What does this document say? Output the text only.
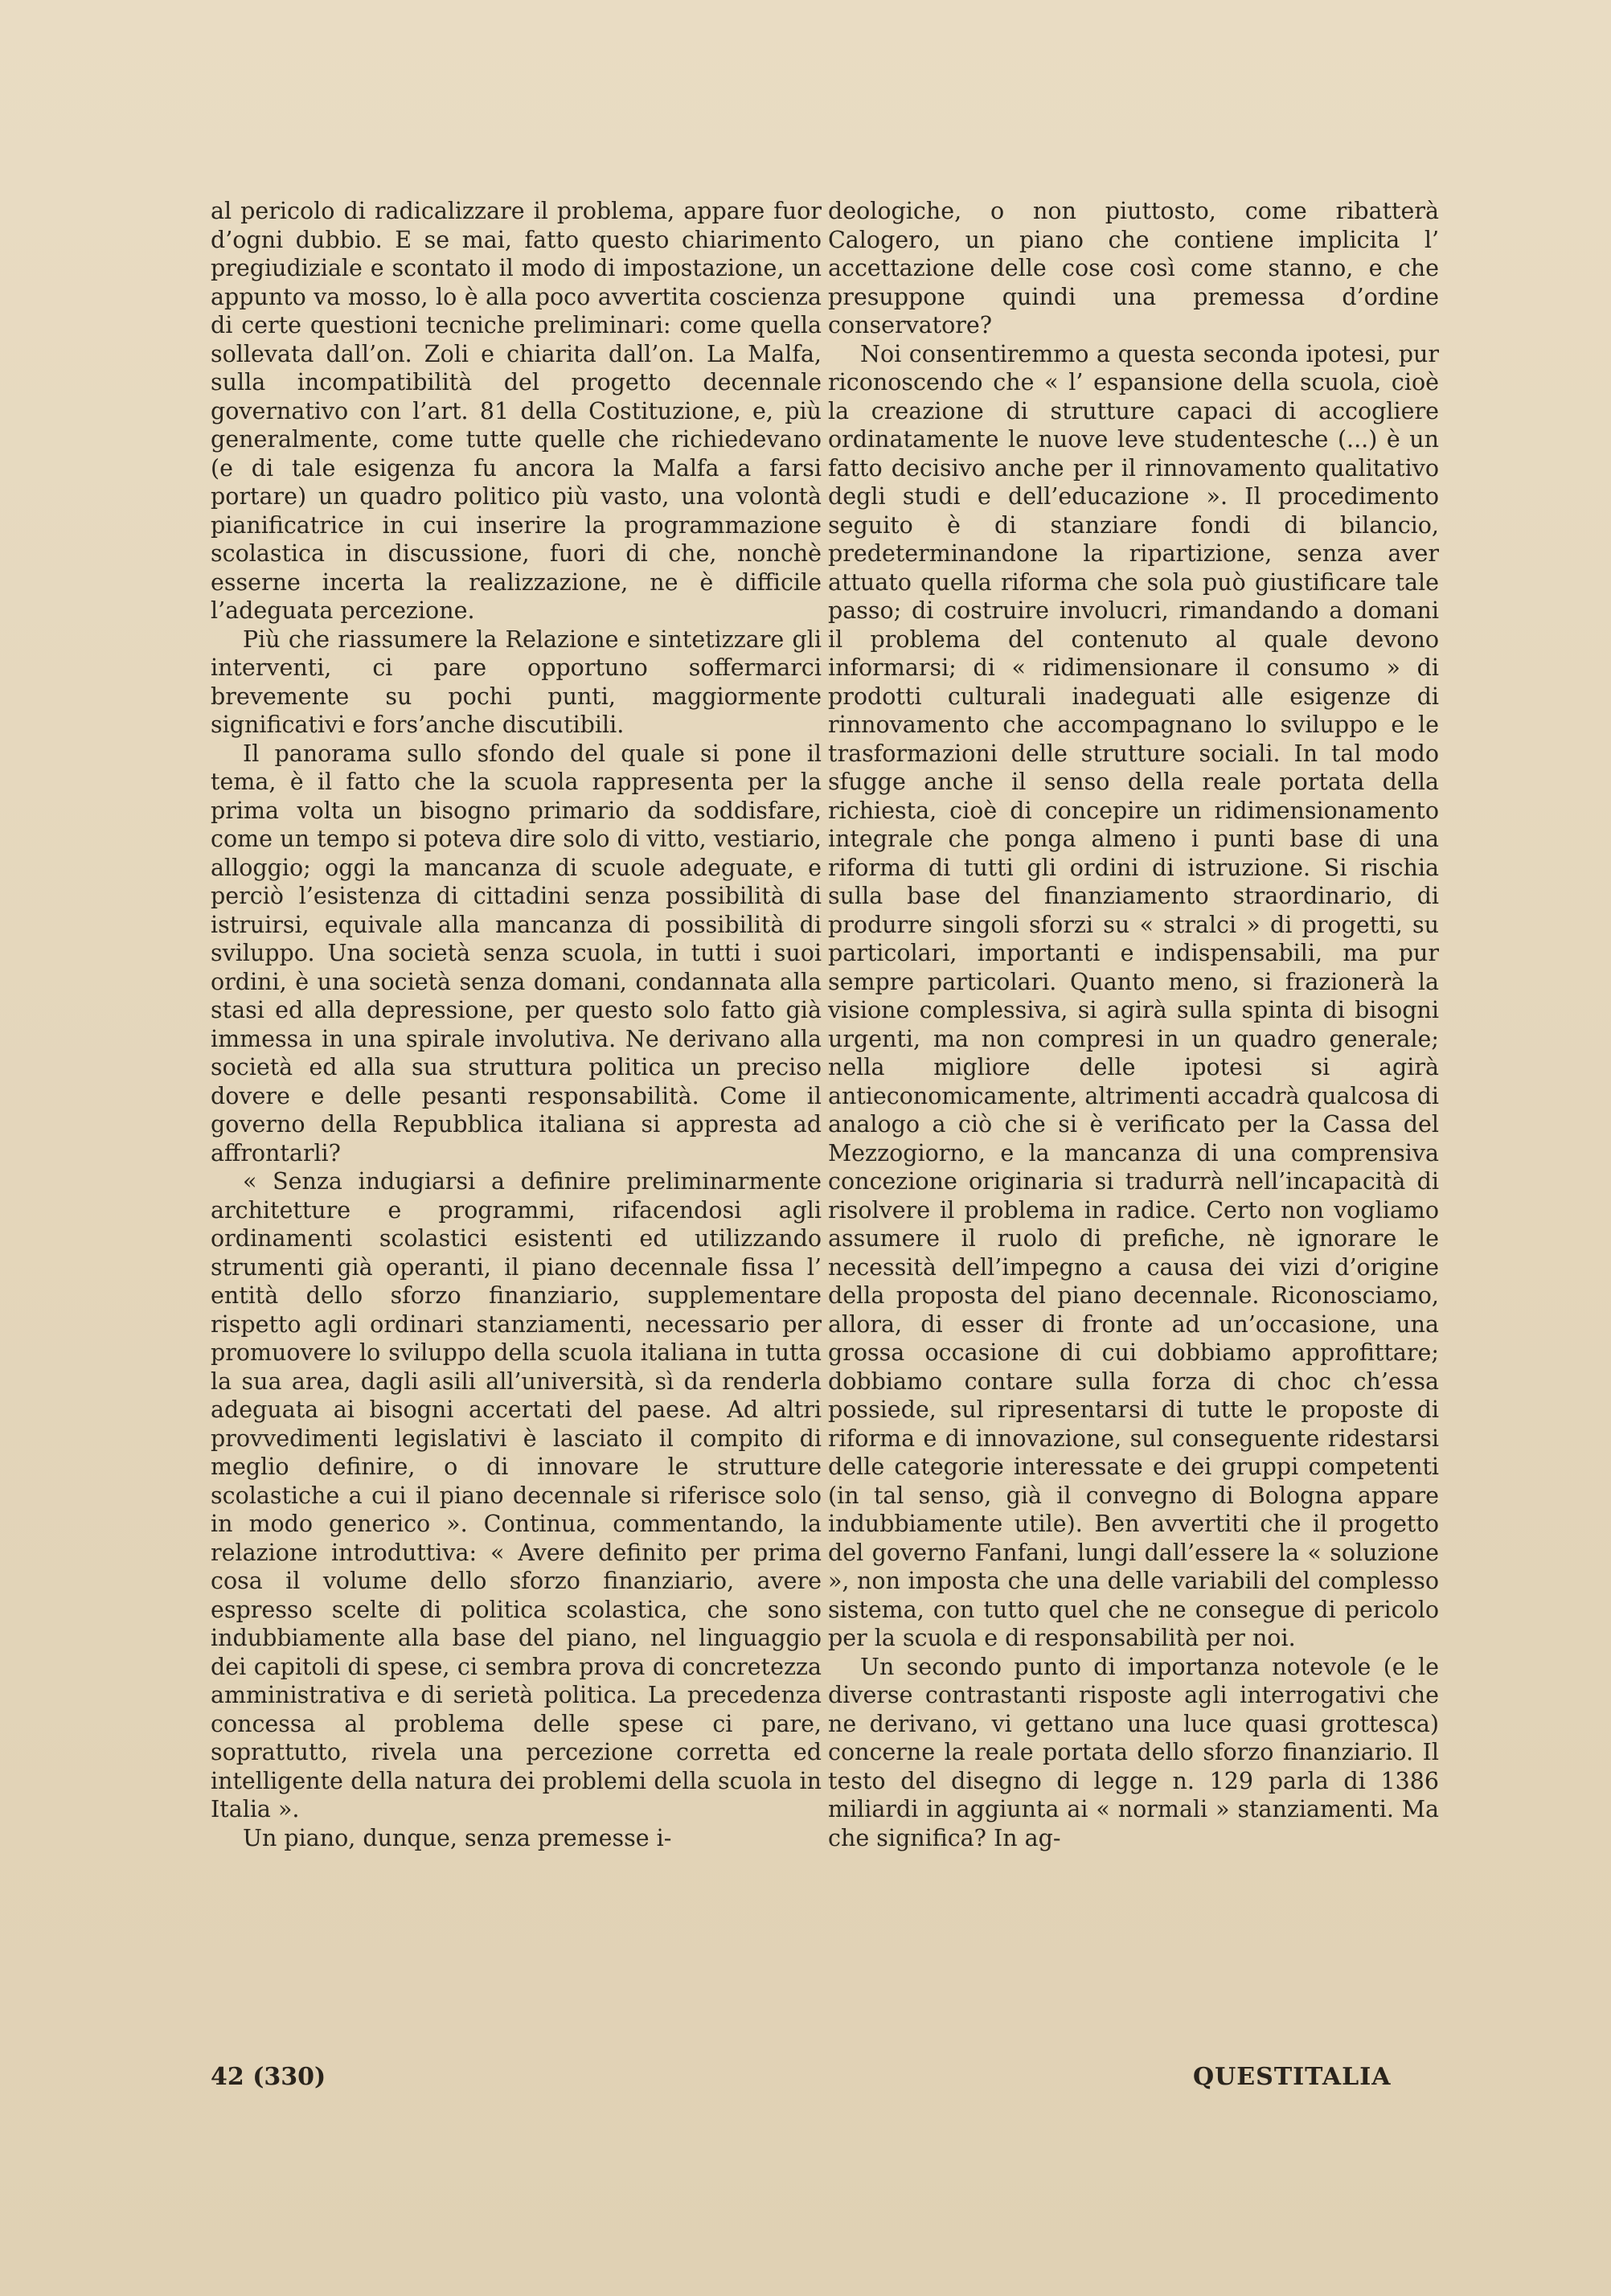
al pericolo di radicalizzare il problema, appare fuor d’ogni dubbio. E se mai, fatto questo chiarimento pregiudiziale e scontato il modo di impostazione, un appunto va mosso, lo è alla poco avvertita coscienza di certe questioni tecniche preliminari: come quella sollevata dall’on. Zoli e chiarita dall’on. La Malfa, sulla incompatibilità del progetto decennale governativo con l’art. 81 della Costituzione, e, più generalmente, come tutte quelle che richiedevano (e di tale esigenza fu ancora la Malfa a farsi portare) un quadro politico più vasto, una volontà pianificatrice in cui inserire la programmazione scolastica in discussione, fuori di che, nonchè esserne incerta la realizzazione, ne è difficile l’adeguata percezione.

Più che riassumere la Relazione e sintetizzare gli interventi, ci pare opportuno soffermarci brevemente su pochi punti, maggiormente significativi e fors’anche discutibili.

Il panorama sullo sfondo del quale si pone il tema, è il fatto che la scuola rappresenta per la prima volta un bisogno primario da soddisfare, come un tempo si poteva dire solo di vitto, vestiario, alloggio; oggi la mancanza di scuole adeguate, e perciò l’esistenza di cittadini senza possibilità di istruirsi, equivale alla mancanza di possibilità di sviluppo. Una società senza scuola, in tutti i suoi ordini, è una società senza domani, condannata alla stasi ed alla depressione, per questo solo fatto già immessa in una spirale involutiva. Ne derivano alla società ed alla sua struttura politica un preciso dovere e delle pesanti responsabilità. Come il governo della Repubblica italiana si appresta ad affrontarli?

« Senza indugiarsi a definire preliminarmente architetture e programmi, rifacendosi agli ordinamenti scolastici esistenti ed utilizzando strumenti già operanti, il piano decennale fissa l’ entità dello sforzo finanziario, supplementare rispetto agli ordinari stanziamenti, necessario per promuovere lo sviluppo della scuola italiana in tutta la sua area, dagli asili all’università, sì da renderla adeguata ai bisogni accertati del paese. Ad altri provvedimenti legislativi è lasciato il compito di meglio definire, o di innovare le strutture scolastiche a cui il piano decennale si riferisce solo in modo generico ». Continua, commentando, la relazione introduttiva: « Avere definito per prima cosa il volume dello sforzo finanziario, avere espresso scelte di politica scolastica, che sono indubbiamente alla base del piano, nel linguaggio dei capitoli di spese, ci sembra prova di concretezza amministrativa e di serietà politica. La precedenza concessa al problema delle spese ci pare, soprattutto, rivela una percezione corretta ed intelligente della natura dei problemi della scuola in Italia ».

Un piano, dunque, senza premesse i-

deologiche, o non piuttosto, come ribatterà Calogero, un piano che contiene implicita l’ accettazione delle cose così come stanno, e che presuppone quindi una premessa d’ordine conservatore?

Noi consentiremmo a questa seconda ipotesi, pur riconoscendo che « l’ espansione della scuola, cioè la creazione di strutture capaci di accogliere ordinatamente le nuove leve studentesche (...) è un fatto decisivo anche per il rinnovamento qualitativo degli studi e dell’educazione ». Il procedimento seguito è di stanziare fondi di bilancio, predeterminandone la ripartizione, senza aver attuato quella riforma che sola può giustificare tale passo; di costruire involucri, rimandando a domani il problema del contenuto al quale devono informarsi; di « ridimensionare il consumo » di prodotti culturali inadeguati alle esigenze di rinnovamento che accompagnano lo sviluppo e le trasformazioni delle strutture sociali. In tal modo sfugge anche il senso della reale portata della richiesta, cioè di concepire un ridimensionamento integrale che ponga almeno i punti base di una riforma di tutti gli ordini di istruzione. Si rischia sulla base del finanziamento straordinario, di produrre singoli sforzi su « stralci » di progetti, su particolari, importanti e indispensabili, ma pur sempre particolari. Quanto meno, si frazionerà la visione complessiva, si agirà sulla spinta di bisogni urgenti, ma non compresi in un quadro generale; nella migliore delle ipotesi si agirà antieconomicamente, altrimenti accadrà qualcosa di analogo a ciò che si è verificato per la Cassa del Mezzogiorno, e la mancanza di una comprensiva concezione originaria si tradurrà nell’incapacità di risolvere il problema in radice. Certo non vogliamo assumere il ruolo di prefiche, nè ignorare le necessità dell’impegno a causa dei vizi d’origine della proposta del piano decennale. Riconosciamo, allora, di esser di fronte ad un’occasione, una grossa occasione di cui dobbiamo approfittare; dobbiamo contare sulla forza di choc ch’essa possiede, sul ripresentarsi di tutte le proposte di riforma e di innovazione, sul conseguente ridestarsi delle categorie interessate e dei gruppi competenti (in tal senso, già il convegno di Bologna appare indubbiamente utile). Ben avvertiti che il progetto del governo Fanfani, lungi dall’essere la « soluzione », non imposta che una delle variabili del complesso sistema, con tutto quel che ne consegue di pericolo per la scuola e di responsabilità per noi.

Un secondo punto di importanza notevole (e le diverse contrastanti risposte agli interrogativi che ne derivano, vi gettano una luce quasi grottesca) concerne la reale portata dello sforzo finanziario. Il testo del disegno di legge n. 129 parla di 1386 miliardi in aggiunta ai « normali » stanziamenti. Ma che significa? In ag-

42 (330)	QUESTITALIA
